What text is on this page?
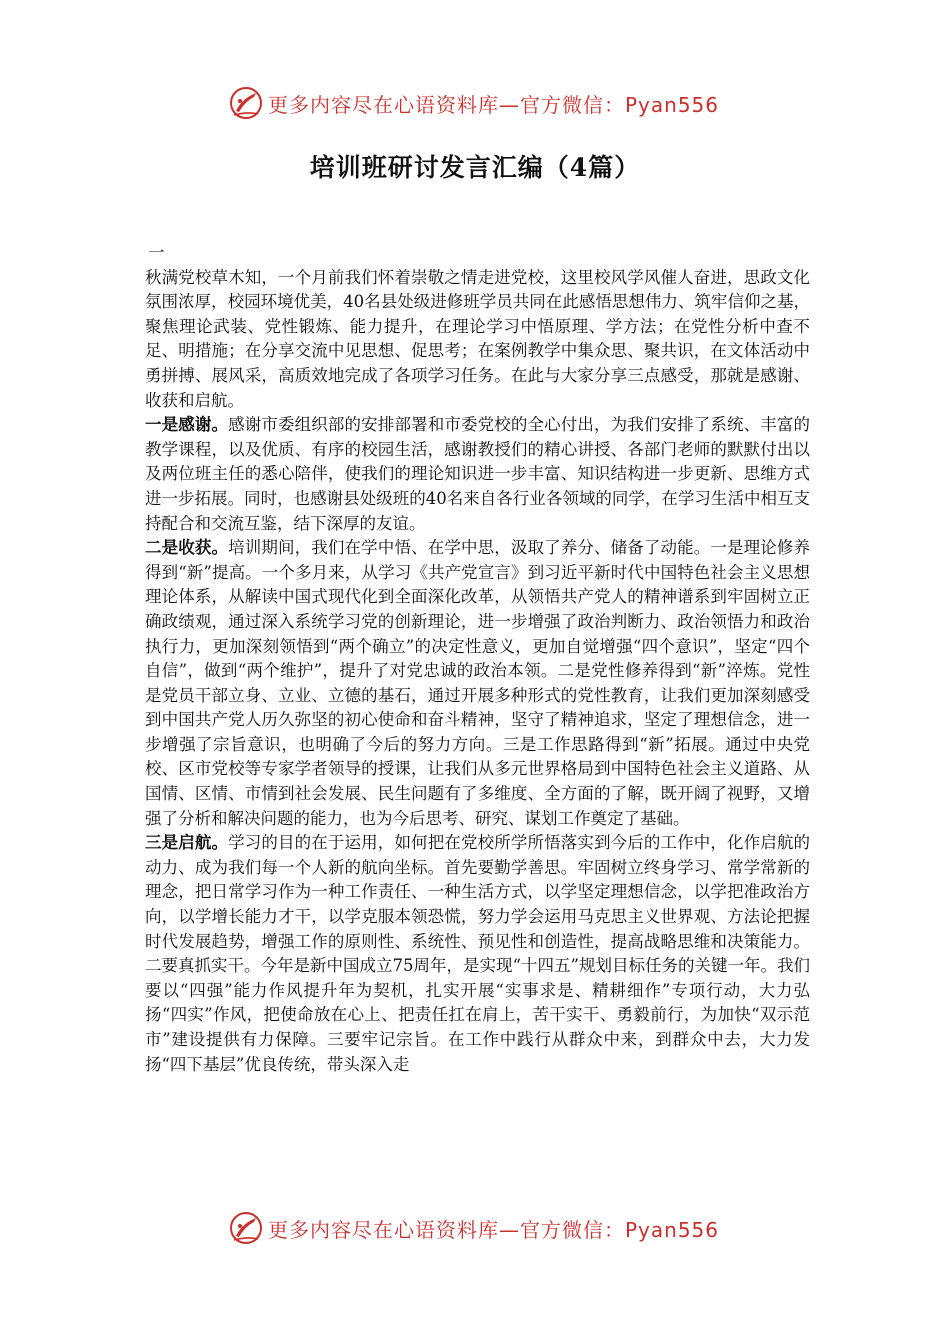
更多内容尽在心语资料库—官方微信：Pyan556
培训班研讨发言汇编（4篇）

一

秋满党校草木知，一个月前我们怀着崇敬之情走进党校，这里校风学风催人奋进，思政文化氛围浓厚，校园环境优美，40名县处级进修班学员共同在此感悟思想伟力、筑牢信仰之基，聚焦理论武装、党性锻炼、能力提升，在理论学习中悟原理、学方法；在党性分析中查不足、明措施；在分享交流中见思想、促思考；在案例教学中集众思、聚共识，在文体活动中勇拼搏、展风采，高质效地完成了各项学习任务。在此与大家分享三点感受，那就是感谢、收获和启航。

一是感谢。感谢市委组织部的安排部署和市委党校的全心付出，为我们安排了系统、丰富的教学课程，以及优质、有序的校园生活，感谢教授们的精心讲授、各部门老师的默默付出以及两位班主任的悉心陪伴，使我们的理论知识进一步丰富、知识结构进一步更新、思维方式进一步拓展。同时，也感谢县处级班的40名来自各行业各领域的同学，在学习生活中相互支持配合和交流互鉴，结下深厚的友谊。

二是收获。培训期间，我们在学中悟、在学中思，汲取了养分、储备了动能。一是理论修养得到“新”提高。一个多月来，从学习《共产党宣言》到习近平新时代中国特色社会主义思想理论体系，从解读中国式现代化到全面深化改革，从领悟共产党人的精神谱系到牢固树立正确政绩观，通过深入系统学习党的创新理论，进一步增强了政治判断力、政治领悟力和政治执行力，更加深刻领悟到“两个确立”的决定性意义，更加自觉增强“四个意识”，坚定“四个自信”，做到“两个维护”，提升了对党忠诚的政治本领。二是党性修养得到“新”淬炼。党性是党员干部立身、立业、立德的基石，通过开展多种形式的党性教育，让我们更加深刻感受到中国共产党人历久弥坚的初心使命和奋斗精神，坚守了精神追求，坚定了理想信念，进一步增强了宗旨意识，也明确了今后的努力方向。三是工作思路得到“新”拓展。通过中央党校、区市党校等专家学者领导的授课，让我们从多元世界格局到中国特色社会主义道路、从国情、区情、市情到社会发展、民生问题有了多维度、全方面的了解，既开阔了视野，又增强了分析和解决问题的能力，也为今后思考、研究、谋划工作奠定了基础。

三是启航。学习的目的在于运用，如何把在党校所学所悟落实到今后的工作中，化作启航的动力、成为我们每一个人新的航向坐标。首先要勤学善思。牢固树立终身学习、常学常新的理念，把日常学习作为一种工作责任、一种生活方式，以学坚定理想信念，以学把准政治方向，以学增长能力才干，以学克服本领恐慌，努力学会运用马克思主义世界观、方法论把握时代发展趋势，增强工作的原则性、系统性、预见性和创造性，提高战略思维和决策能力。二要真抓实干。今年是新中国成立75周年，是实现“十四五”规划目标任务的关键一年。我们要以“四强”能力作风提升年为契机，扎实开展“实事求是、精耕细作”专项行动，大力弘扬“四实”作风，把使命放在心上、把责任扛在肩上，苦干实干、勇毅前行，为加快“双示范市”建设提供有力保障。三要牢记宗旨。在工作中践行从群众中来，到群众中去，大力发扬“四下基层”优良传统，带头深入走

更多内容尽在心语资料库—官方微信：Pyan556
